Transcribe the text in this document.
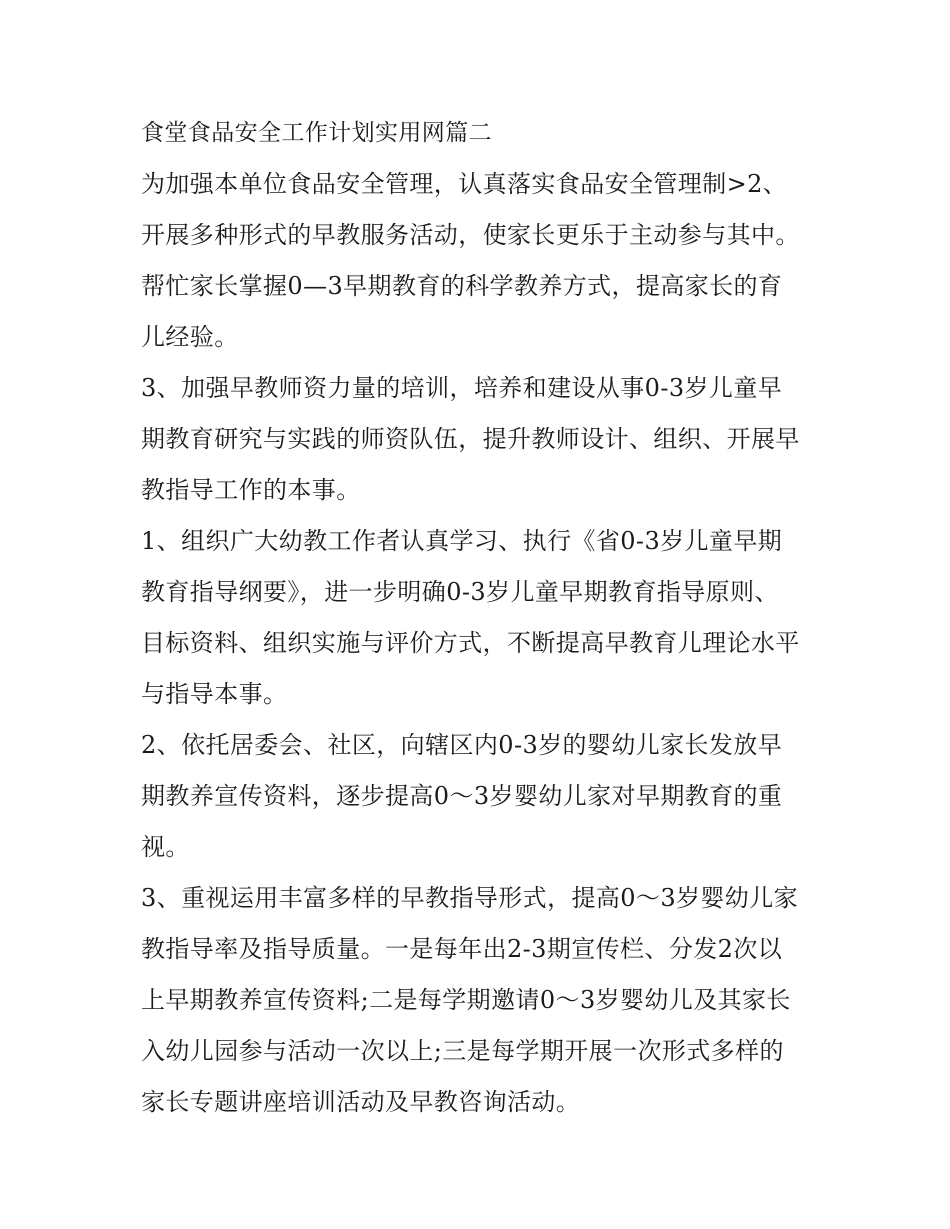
食堂食品安全工作计划实用网篇二
为加强本单位食品安全管理，认真落实食品安全管理制>2、
开展多种形式的早教服务活动，使家长更乐于主动参与其中。
帮忙家长掌握0—3早期教育的科学教养方式，提高家长的育
儿经验。
3、加强早教师资力量的培训，培养和建设从事0-3岁儿童早
期教育研究与实践的师资队伍，提升教师设计、组织、开展早
教指导工作的本事。
1、组织广大幼教工作者认真学习、执行《省0-3岁儿童早期
教育指导纲要》，进一步明确0-3岁儿童早期教育指导原则、
目标资料、组织实施与评价方式，不断提高早教育儿理论水平
与指导本事。
2、依托居委会、社区，向辖区内0-3岁的婴幼儿家长发放早
期教养宣传资料，逐步提高0～3岁婴幼儿家对早期教育的重
视。
3、重视运用丰富多样的早教指导形式，提高0～3岁婴幼儿家
教指导率及指导质量。一是每年出2-3期宣传栏、分发2次以
上早期教养宣传资料;二是每学期邀请0～3岁婴幼儿及其家长
入幼儿园参与活动一次以上;三是每学期开展一次形式多样的
家长专题讲座培训活动及早教咨询活动。
